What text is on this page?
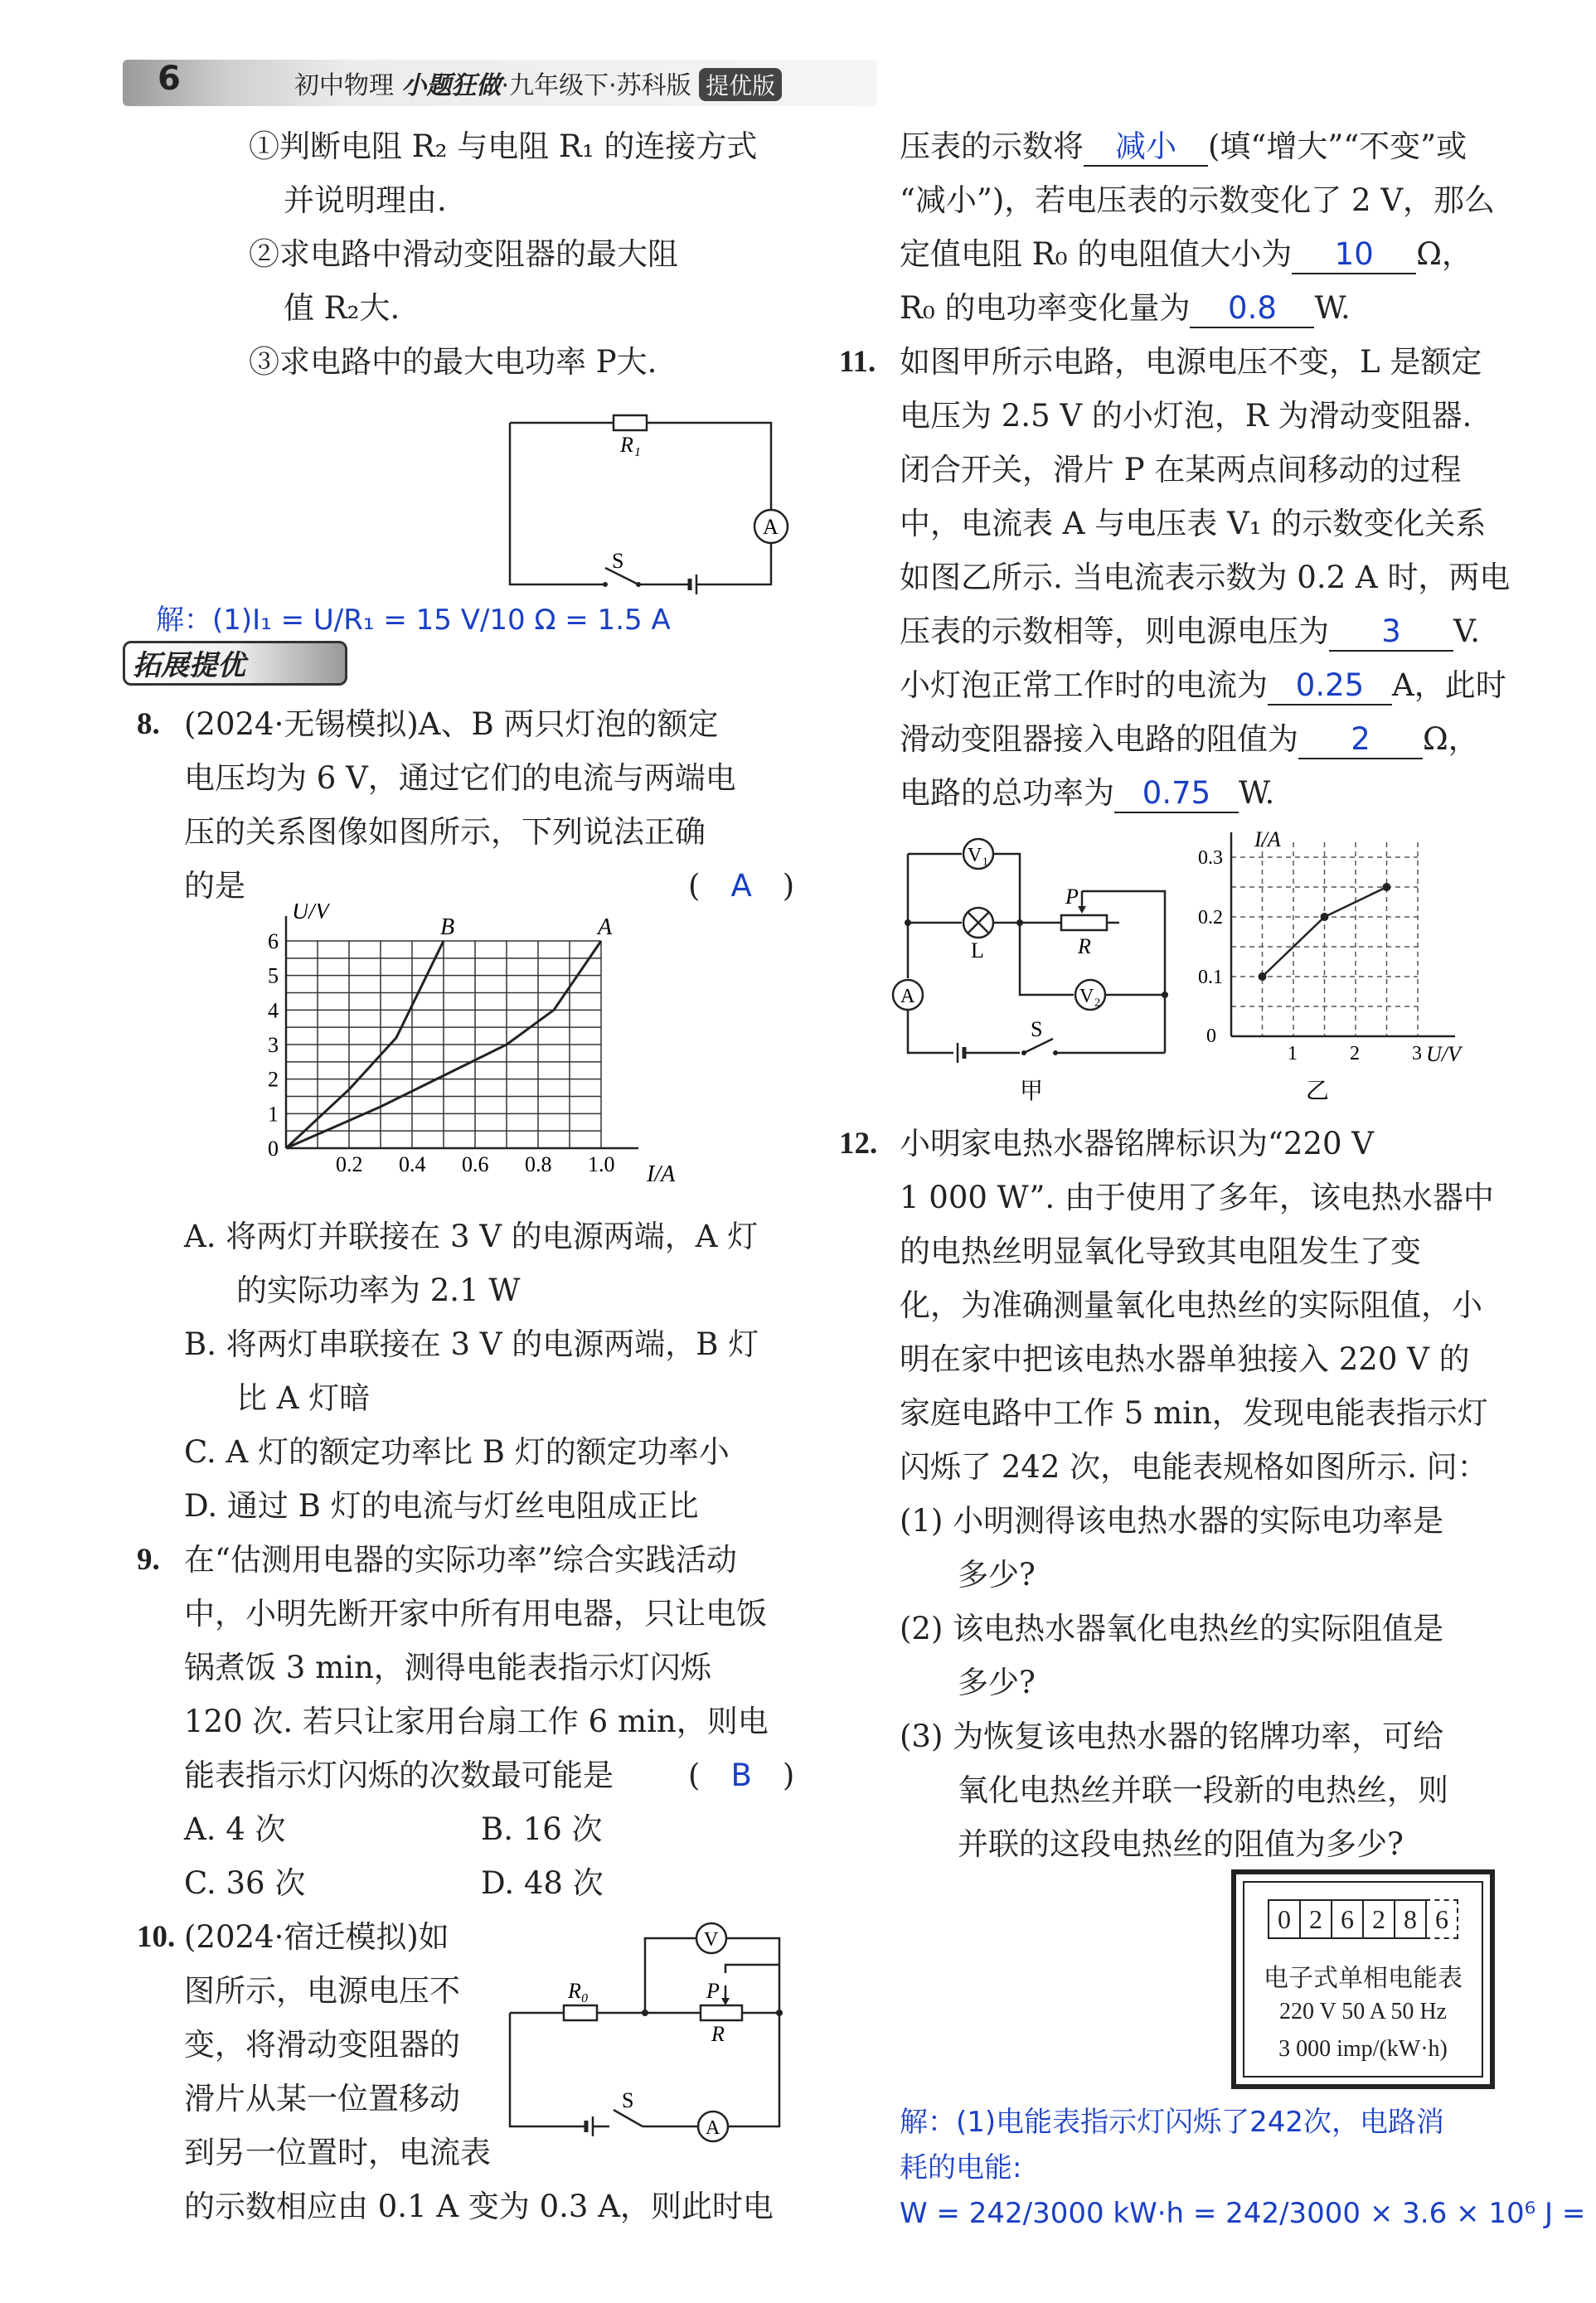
6	初中物理 小题狂做·九年级下·苏科版 提优版
①判断电阻 R₂ 与电阻 R₁ 的连接方式
并说明理由.
②求电路中滑动变阻器的最大阻
值 R₂大.
③求电路中的最大电功率 P大.
R₁
A
S
解：(1)I₁ = U/R₁ = 15 V/10 Ω = 1.5 A
拓展提优
8. (2024·无锡模拟)A、B 两只灯泡的额定
电压均为 6 V，通过它们的电流与两端电
压的关系图像如图所示，下列说法正确
的是	(　A　)
0.2 0.4 0.6 0.8 1.0
0
1
2
3
4
5
6
U/V
I/A
B	A
A. 将两灯并联接在 3 V 的电源两端，A 灯
的实际功率为 2.1 W
B. 将两灯串联接在 3 V 的电源两端，B 灯
比 A 灯暗
C. A 灯的额定功率比 B 灯的额定功率小
D. 通过 B 灯的电流与灯丝电阻成正比
9. 在“估测用电器的实际功率”综合实践活动
中，小明先断开家中所有用电器，只让电饭
锅煮饭 3 min，测得电能表指示灯闪烁
120 次. 若只让家用台扇工作 6 min，则电
能表指示灯闪烁的次数最可能是 (　B　)
A. 4 次	B. 16 次
C. 36 次	D. 48 次
10. (2024·宿迁模拟)如
图所示，电源电压不
变，将滑动变阻器的
滑片从某一位置移动
到另一位置时，电流表
的示数相应由 0.1 A 变为 0.3 A，则此时电
V
R₀	P
R
S
A
压表的示数将 减小 (填“增大”“不变”或
“减小”)，若电压表的示数变化了 2 V，那么
定值电阻 R₀ 的电阻值大小为 10 Ω，
R₀ 的电功率变化量为 0.8 W.
11. 如图甲所示电路，电源电压不变，L 是额定
电压为 2.5 V 的小灯泡，R 为滑动变阻器.
闭合开关，滑片 P 在某两点间移动的过程
中，电流表 A 与电压表 V₁ 的示数变化关系
如图乙所示. 当电流表示数为 0.2 A 时，两电
压表的示数相等，则电源电压为 3 V.
小灯泡正常工作时的电流为 0.25 A，此时
滑动变阻器接入电路的阻值为 2 Ω，
电路的总功率为 0.75 W.
V₁
L
P
R
V₂
A
S
甲
1	2	3
0.1
0.2
0.3
I/A
U/V
0
乙
12. 小明家电热水器铭牌标识为“220 V
1 000 W”. 由于使用了多年，该电热水器中
的电热丝明显氧化导致其电阻发生了变
化，为准确测量氧化电热丝的实际阻值，小
明在家中把该电热水器单独接入 220 V 的
家庭电路中工作 5 min，发现电能表指示灯
闪烁了 242 次，电能表规格如图所示. 问：
(1) 小明测得该电热水器的实际电功率是
多少?
(2) 该电热水器氧化电热丝的实际阻值是
多少?
(3) 为恢复该电热水器的铭牌功率，可给
氧化电热丝并联一段新的电热丝，则
并联的这段电热丝的阻值为多少?
0 2 6 2 8 6
电子式单相电能表
220 V 50 A 50 Hz
3 000 imp/(kW·h)
解：(1)电能表指示灯闪烁了242次，电路消
耗的电能:
W = 242/3000 kW·h = 242/3000 × 3.6 × 10⁶ J =
